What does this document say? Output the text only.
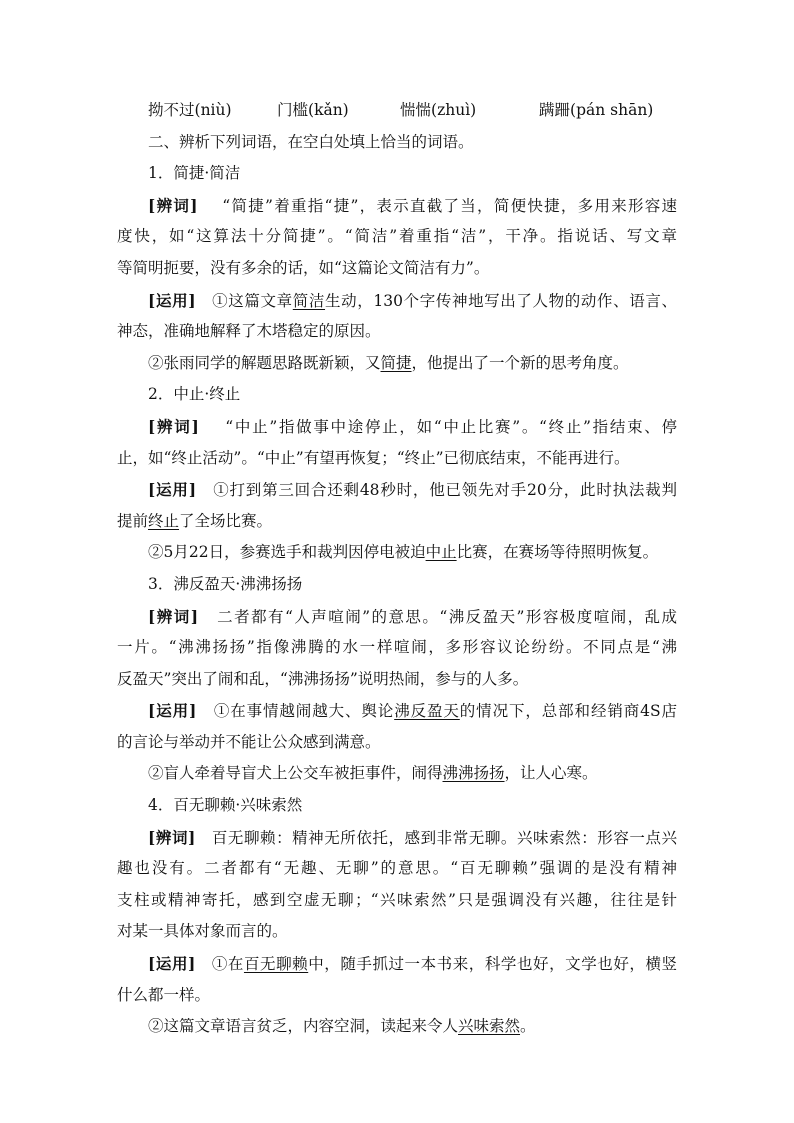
拗不过(niù)	门槛(kǎn)	惴惴(zhuì)	蹒跚(pán shān)
二、辨析下列词语，在空白处填上恰当的词语。
1．简捷·简洁
[辨词] “简捷”着重指“捷”，表示直截了当，简便快捷，多用来形容速
度快，如“这算法十分简捷”。“简洁”着重指“洁”，干净。指说话、写文章
等简明扼要，没有多余的话，如“这篇论文简洁有力”。
[运用] ①这篇文章简洁生动，130个字传神地写出了人物的动作、语言、
神态，准确地解释了木塔稳定的原因。
②张雨同学的解题思路既新颖，又简捷，他提出了一个新的思考角度。
2．中止·终止
[辨词] “中止”指做事中途停止，如“中止比赛”。“终止”指结束、停
止，如“终止活动”。“中止”有望再恢复；“终止”已彻底结束，不能再进行。
[运用] ①打到第三回合还剩48秒时，他已领先对手20分，此时执法裁判
提前终止了全场比赛。
②5月22日，参赛选手和裁判因停电被迫中止比赛，在赛场等待照明恢复。
3．沸反盈天·沸沸扬扬
[辨词] 二者都有“人声喧闹”的意思。“沸反盈天”形容极度喧闹，乱成
一片。“沸沸扬扬”指像沸腾的水一样喧闹，多形容议论纷纷。不同点是“沸
反盈天”突出了闹和乱，“沸沸扬扬”说明热闹，参与的人多。
[运用] ①在事情越闹越大、舆论沸反盈天的情况下，总部和经销商4S店
的言论与举动并不能让公众感到满意。
②盲人牵着导盲犬上公交车被拒事件，闹得沸沸扬扬，让人心寒。
4．百无聊赖·兴味索然
[辨词] 百无聊赖：精神无所依托，感到非常无聊。兴味索然：形容一点兴
趣也没有。二者都有“无趣、无聊”的意思。“百无聊赖”强调的是没有精神
支柱或精神寄托，感到空虚无聊；“兴味索然”只是强调没有兴趣，往往是针
对某一具体对象而言的。
[运用] ①在百无聊赖中，随手抓过一本书来，科学也好，文学也好，横竖
什么都一样。
②这篇文章语言贫乏，内容空洞，读起来令人兴味索然。
